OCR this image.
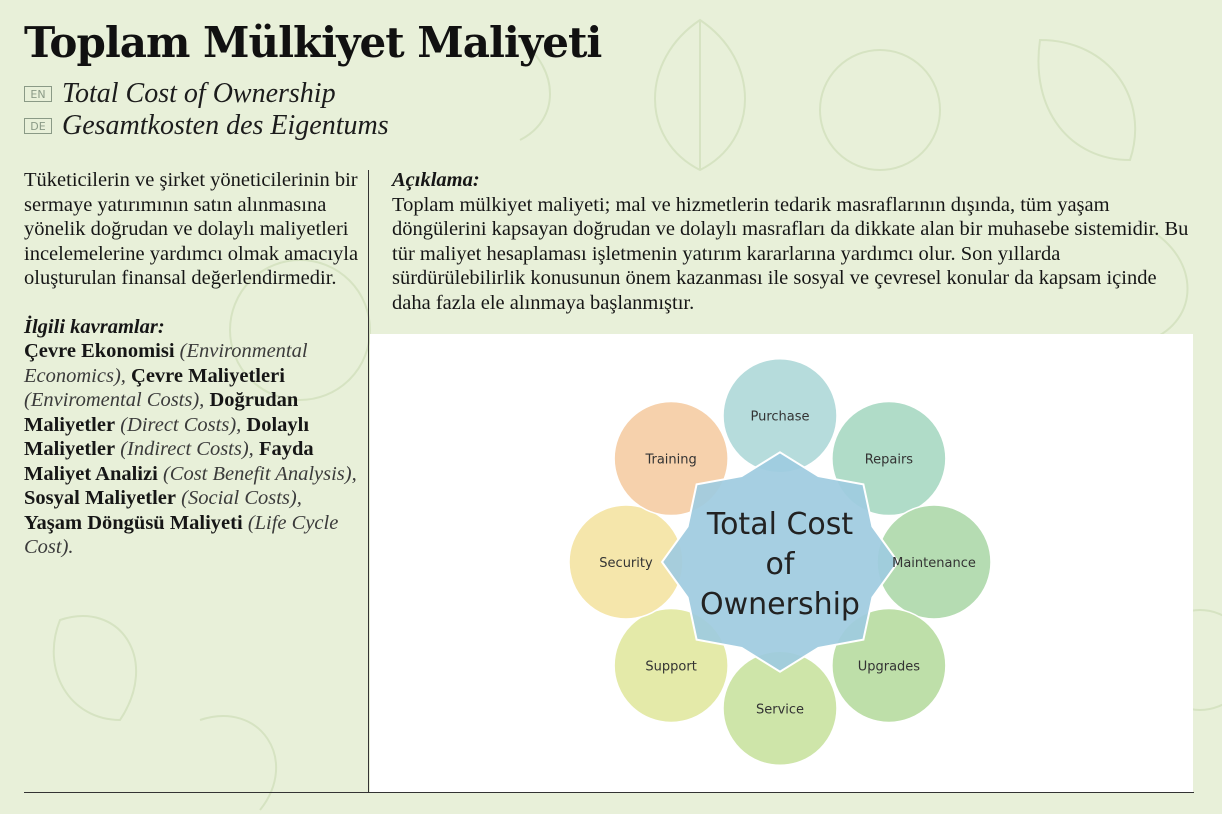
Toplam Mülkiyet Maliyeti
EN Total Cost of Ownership
DE Gesamtkosten des Eigentums

Tüketicilerin ve şirket yöneticilerinin bir sermaye yatırımının satın alınmasına yönelik doğrudan ve dolaylı maliyetleri incelemelerine yardımcı olmak amacıyla oluşturulan finansal değerlendirmedir.

İlgili kavramlar:

Çevre Ekonomisi (Environmental Economics), Çevre Maliyetleri (Enviromental Costs), Doğrudan Maliyetler (Direct Costs), Dolaylı Maliyetler (Indirect Costs), Fayda Maliyet Analizi (Cost Benefit Analysis), Sosyal Maliyetler (Social Costs), Yaşam Döngüsü Maliyeti (Life Cycle Cost).

Açıklama:

Toplam mülkiyet maliyeti; mal ve hizmetlerin tedarik masraflarının dışında, tüm yaşam döngülerini kapsayan doğrudan ve dolaylı masrafları da dikkate alan bir muhasebe sistemidir. Bu tür maliyet hesaplaması işletmenin yatırım kararlarına yardımcı olur. Son yıllarda sürdürülebilirlik konusunun önem kazanması ile sosyal ve çevresel konular da kapsam içinde daha fazla ele alınmaya başlanmıştır.

Total Cost
of
Ownership
Purchase
Repairs
Maintenance
Upgrades
Service
Support
Security
Training
